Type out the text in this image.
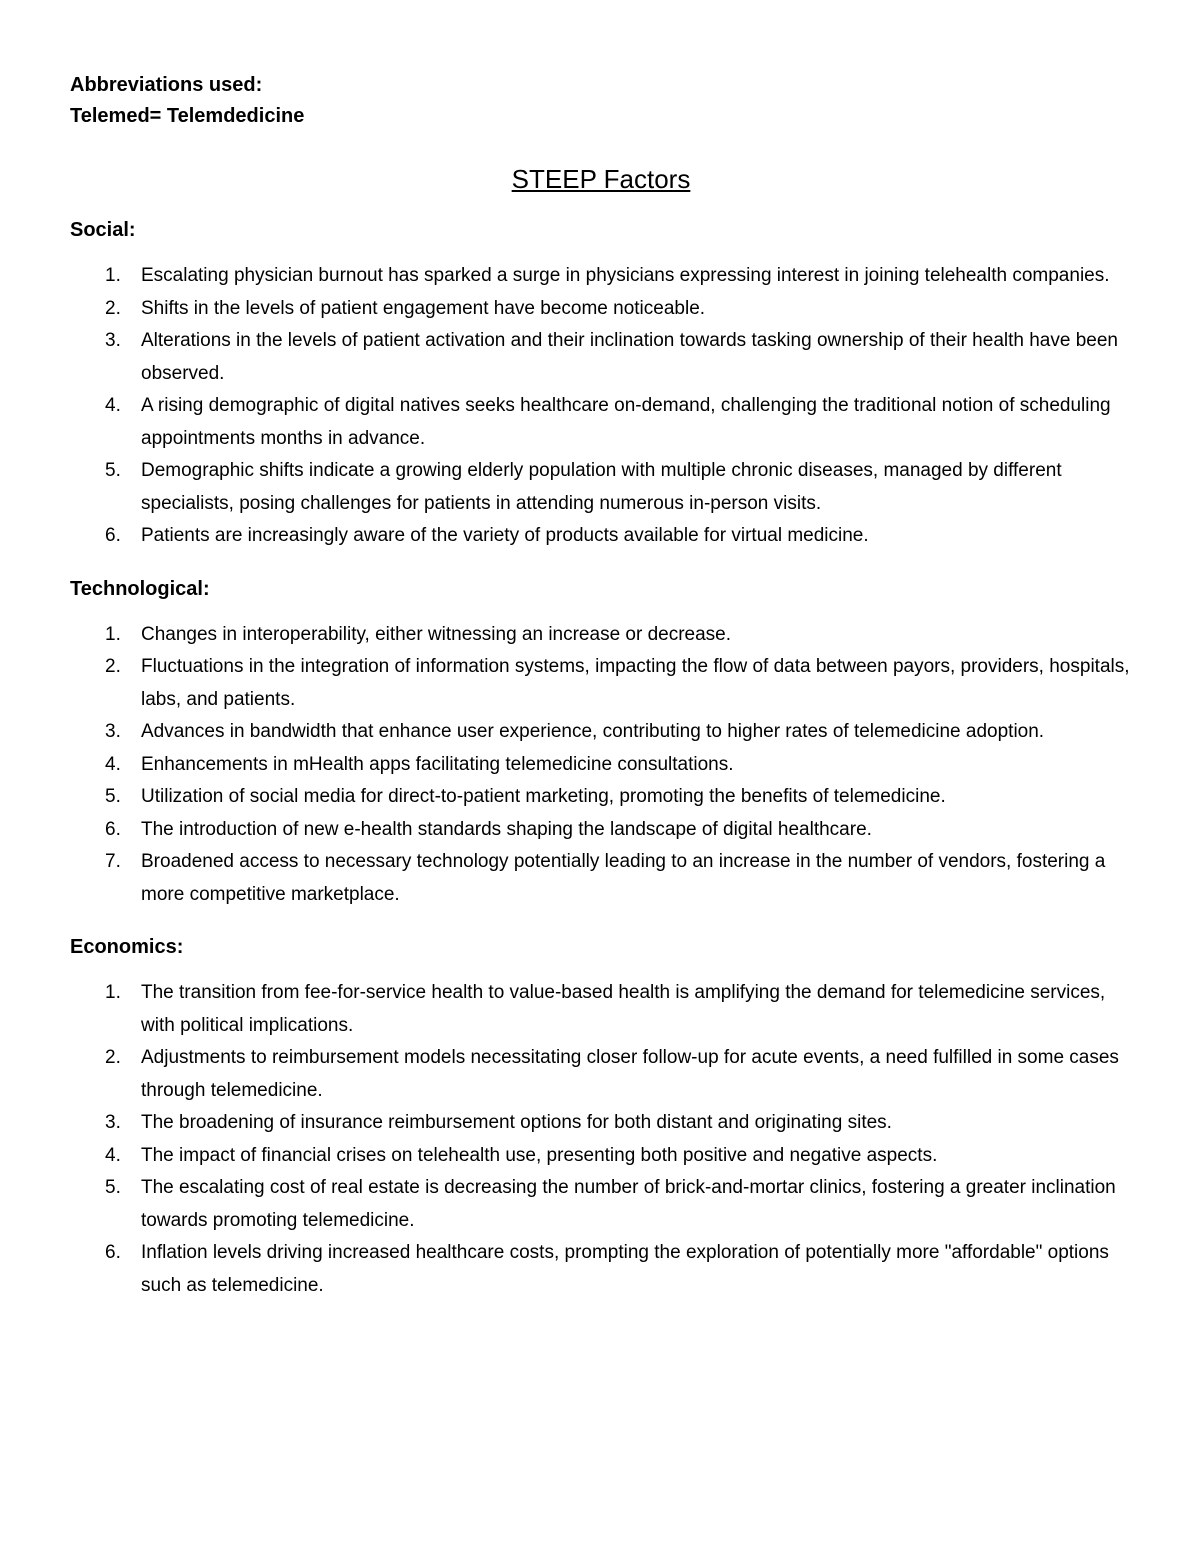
Abbreviations used:

Telemed= Telemdedicine

STEEP Factors

Social:

1. Escalating physician burnout has sparked a surge in physicians expressing interest in joining telehealth companies.
2. Shifts in the levels of patient engagement have become noticeable.
3. Alterations in the levels of patient activation and their inclination towards tasking ownership of their health have been observed.
4. A rising demographic of digital natives seeks healthcare on-demand, challenging the traditional notion of scheduling appointments months in advance.
5. Demographic shifts indicate a growing elderly population with multiple chronic diseases, managed by different specialists, posing challenges for patients in attending numerous in-person visits.
6. Patients are increasingly aware of the variety of products available for virtual medicine.

Technological:

1. Changes in interoperability, either witnessing an increase or decrease.
2. Fluctuations in the integration of information systems, impacting the flow of data between payors, providers, hospitals, labs, and patients.
3. Advances in bandwidth that enhance user experience, contributing to higher rates of telemedicine adoption.
4. Enhancements in mHealth apps facilitating telemedicine consultations.
5. Utilization of social media for direct-to-patient marketing, promoting the benefits of telemedicine.
6. The introduction of new e-health standards shaping the landscape of digital healthcare.
7. Broadened access to necessary technology potentially leading to an increase in the number of vendors, fostering a more competitive marketplace.

Economics:

1. The transition from fee-for-service health to value-based health is amplifying the demand for telemedicine services, with political implications.
2. Adjustments to reimbursement models necessitating closer follow-up for acute events, a need fulfilled in some cases through telemedicine.
3. The broadening of insurance reimbursement options for both distant and originating sites.
4. The impact of financial crises on telehealth use, presenting both positive and negative aspects.
5. The escalating cost of real estate is decreasing the number of brick-and-mortar clinics, fostering a greater inclination towards promoting telemedicine.
6. Inflation levels driving increased healthcare costs, prompting the exploration of potentially more "affordable" options such as telemedicine.
